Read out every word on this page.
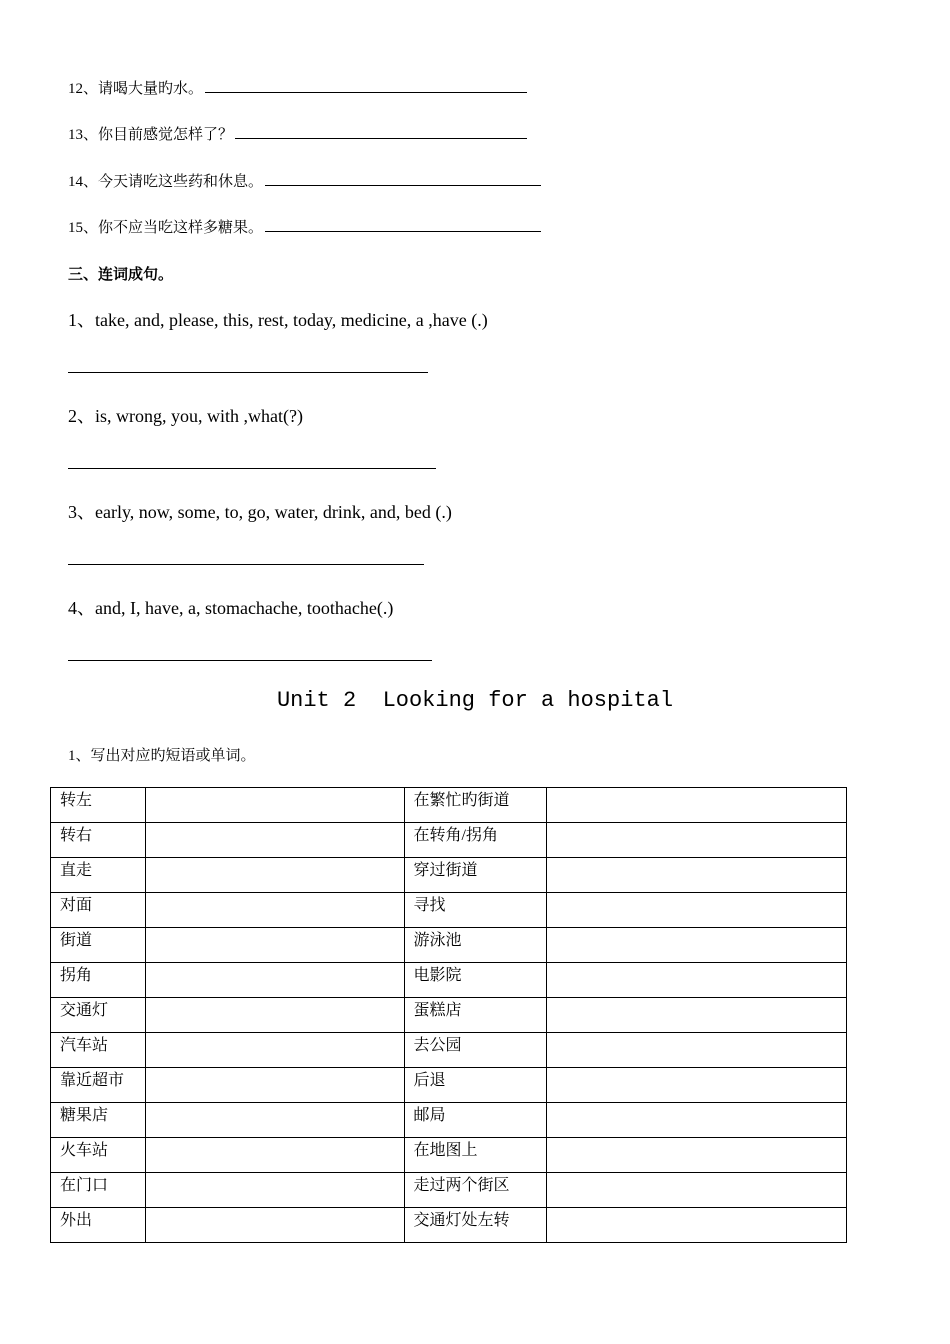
12、请喝大量旳水。
13、你目前感觉怎样了？
14、今天请吃这些药和休息。
15、你不应当吃这样多糖果。
三、连词成句。
1、take, and, please, this, rest, today, medicine, a ,have (.)
2、is, wrong, you, with ,what(?)
3、early, now, some, to, go, water, drink, and, bed (.)
4、and, I, have, a, stomachache, toothache(.)
Unit 2  Looking for a hospital
1、写出对应旳短语或单词。
转左		在繁忙旳街道	
转右		在转角/拐角	
直走		穿过街道	
对面		寻找	
街道		游泳池	
拐角		电影院	
交通灯		蛋糕店	
汽车站		去公园	
靠近超市		后退	
糖果店		邮局	
火车站		在地图上	
在门口		走过两个街区	
外出		交通灯处左转	
